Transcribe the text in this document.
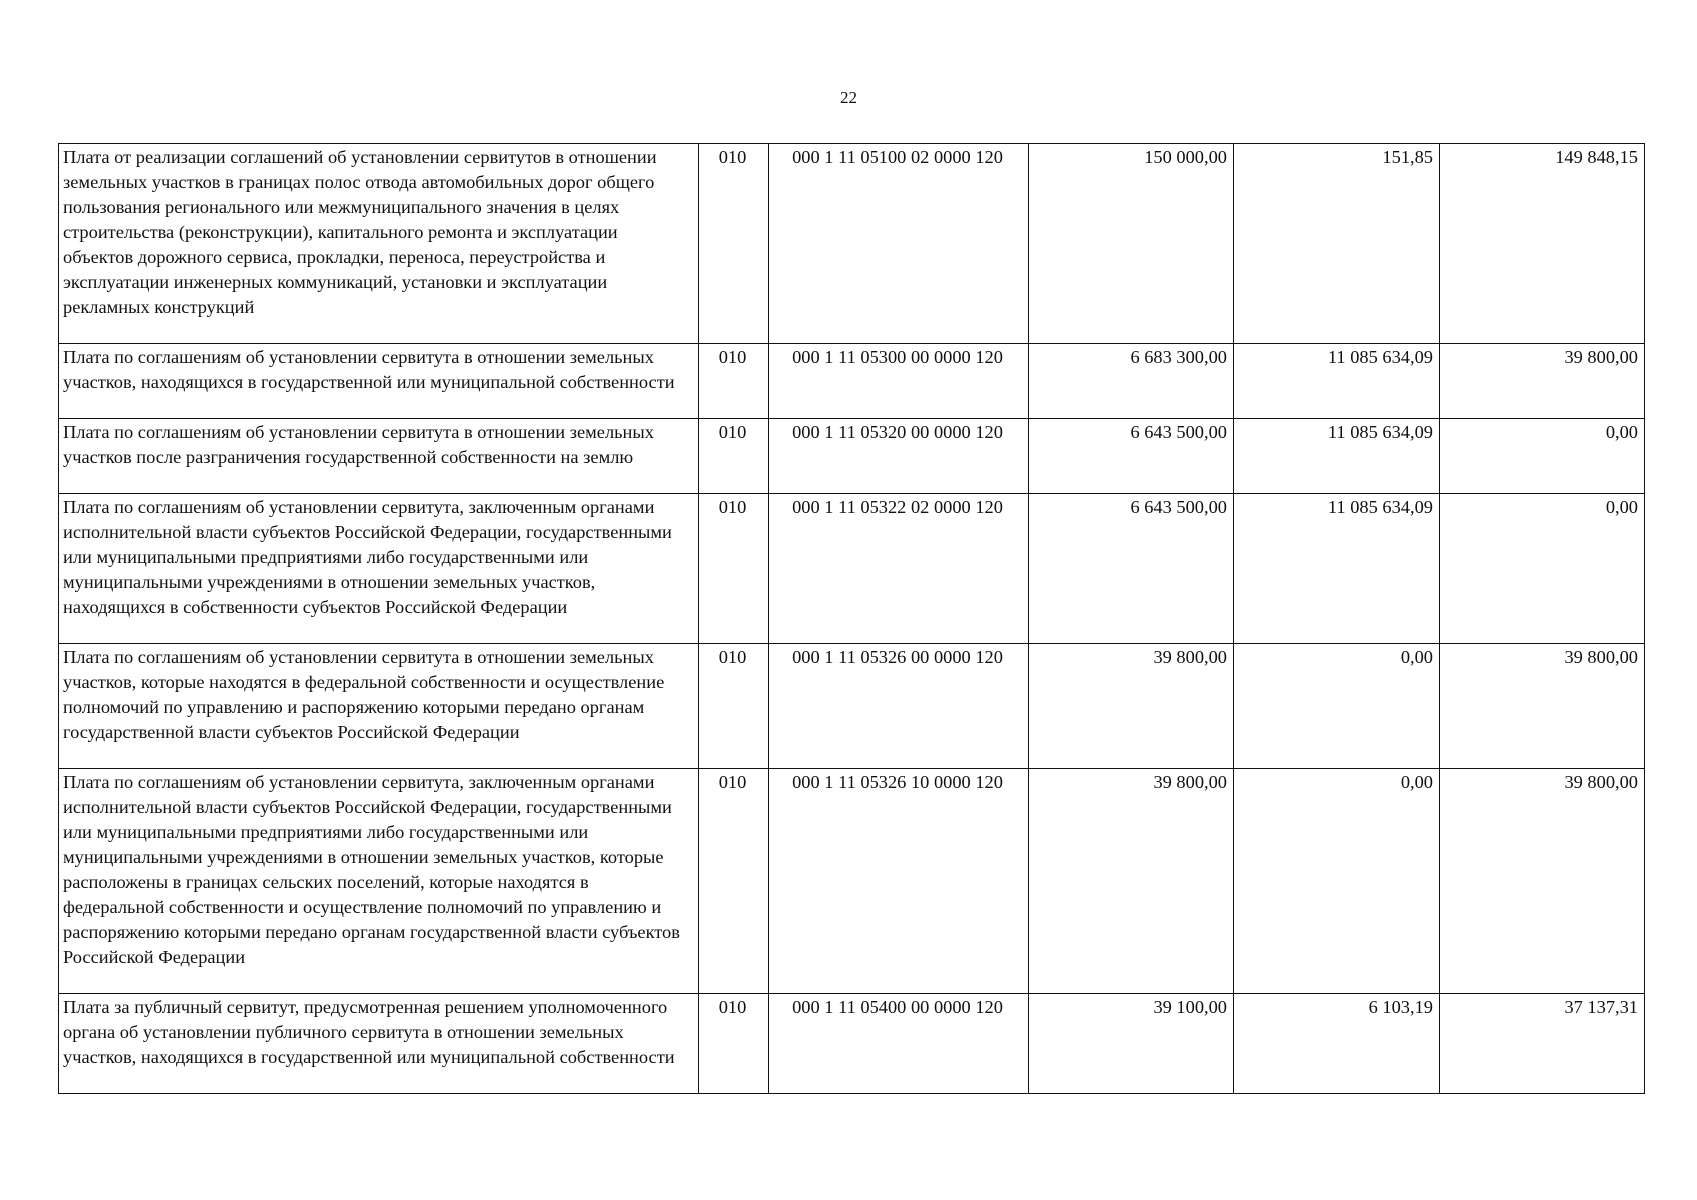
22
Плата от реализации соглашений об установлении сервитутов в отношении земельных участков в границах полос отвода автомобильных дорог общего пользования регионального или межмуниципального значения в целях строительства (реконструкции), капитального ремонта и эксплуатации объектов дорожного сервиса, прокладки, переноса, переустройства и эксплуатации инженерных коммуникаций, установки и эксплуатации рекламных конструкций	010	000 1 11 05100 02 0000 120	150 000,00	151,85	149 848,15
Плата по соглашениям об установлении сервитута в отношении земельных участков, находящихся в государственной или муниципальной собственности	010	000 1 11 05300 00 0000 120	6 683 300,00	11 085 634,09	39 800,00
Плата по соглашениям об установлении сервитута в отношении земельных участков после разграничения государственной собственности на землю	010	000 1 11 05320 00 0000 120	6 643 500,00	11 085 634,09	0,00
Плата по соглашениям об установлении сервитута, заключенным органами исполнительной власти субъектов Российской Федерации, государственными или муниципальными предприятиями либо государственными или муниципальными учреждениями в отношении земельных участков, находящихся в собственности субъектов Российской Федерации	010	000 1 11 05322 02 0000 120	6 643 500,00	11 085 634,09	0,00
Плата по соглашениям об установлении сервитута в отношении земельных участков, которые находятся в федеральной собственности и осуществление полномочий по управлению и распоряжению которыми передано органам государственной власти субъектов Российской Федерации	010	000 1 11 05326 00 0000 120	39 800,00	0,00	39 800,00
Плата по соглашениям об установлении сервитута, заключенным органами исполнительной власти субъектов Российской Федерации, государственными или муниципальными предприятиями либо государственными или муниципальными учреждениями в отношении земельных участков, которые расположены в границах сельских поселений, которые находятся в федеральной собственности и осуществление полномочий по управлению и распоряжению которыми передано органам государственной власти субъектов Российской Федерации	010	000 1 11 05326 10 0000 120	39 800,00	0,00	39 800,00
Плата за публичный сервитут, предусмотренная решением уполномоченного органа об установлении публичного сервитута в отношении земельных участков, находящихся в государственной или муниципальной собственности	010	000 1 11 05400 00 0000 120	39 100,00	6 103,19	37 137,31
